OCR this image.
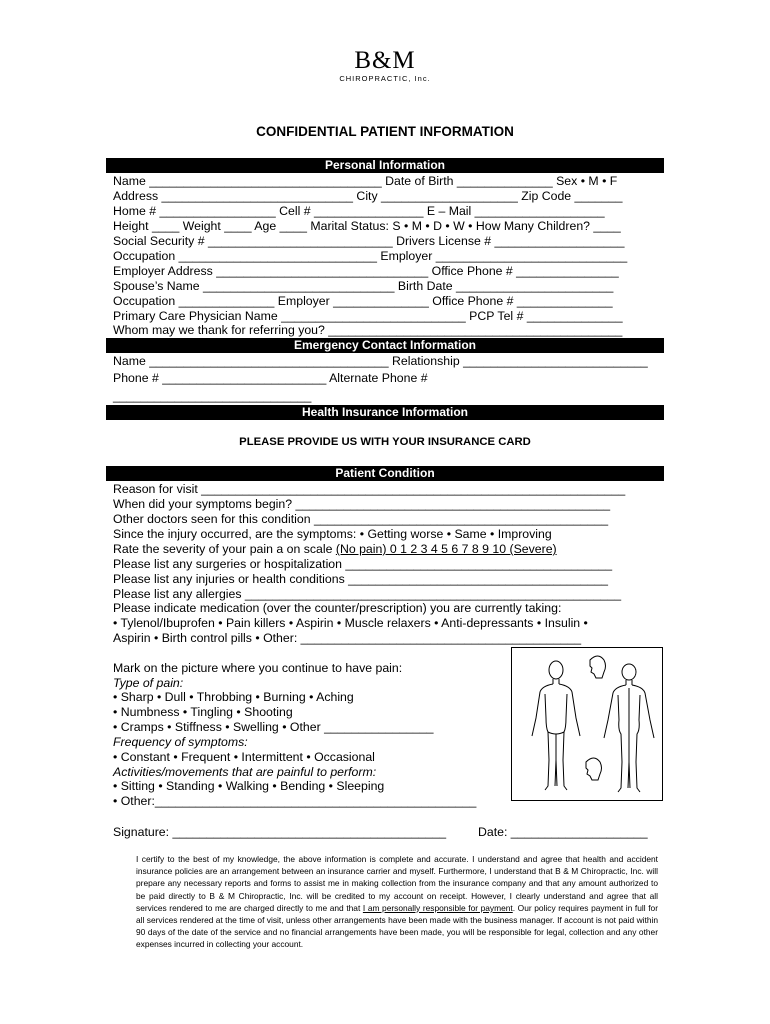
B&M
CHIROPRACTIC, Inc.
CONFIDENTIAL PATIENT INFORMATION
Personal Information
Name __________________________________ Date of Birth ______________ Sex • M • F
Address ____________________________ City ____________________ Zip Code _______
Home # _________________ Cell # ________________ E – Mail ___________________
Height ____ Weight ____ Age ____ Marital Status: S • M • D • W • How Many Children? ____
Social Security # ___________________________ Drivers License # ___________________
Occupation _____________________________ Employer ____________________________
Employer Address _______________________________ Office Phone # _______________
Spouse’s Name ____________________________ Birth Date _______________________
Occupation ______________ Employer ______________ Office Phone # ______________
Primary Care Physician Name ___________________________ PCP Tel # ______________
Whom may we thank for referring you? ___________________________________________
Emergency Contact Information
Name ___________________________________ Relationship ___________________________
Phone # ________________________ Alternate Phone #
_____________________________
Health Insurance Information
PLEASE PROVIDE US WITH YOUR INSURANCE CARD
Patient Condition
Reason for visit ______________________________________________________________
When did your symptoms begin? ______________________________________________
Other doctors seen for this condition ___________________________________________
Since the injury occurred, are the symptoms: • Getting worse • Same • Improving
Rate the severity of your pain a on scale (No pain) 0 1 2 3 4 5 6 7 8 9 10 (Severe)
Please list any surgeries or hospitalization _______________________________________
Please list any injuries or health conditions ______________________________________
Please list any allergies _______________________________________________________
Please indicate medication (over the counter/prescription) you are currently taking:
• Tylenol/Ibuprofen • Pain killers • Aspirin • Muscle relaxers • Anti-depressants • Insulin •
Aspirin • Birth control pills • Other: _________________________________________
Mark on the picture where you continue to have pain:
Type of pain:
• Sharp • Dull • Throbbing • Burning • Aching
• Numbness • Tingling • Shooting
• Cramps • Stiffness • Swelling • Other ________________
Frequency of symptoms:
• Constant • Frequent • Intermittent • Occasional
Activities/movements that are painful to perform:
• Sitting • Standing • Walking • Bending • Sleeping
• Other:_______________________________________________
Signature: ________________________________________	Date: ____________________

I certify to the best of my knowledge, the above information is complete and accurate. I understand and agree that health and accident insurance policies are an arrangement between an insurance carrier and myself. Furthermore, I understand that B & M Chiropractic, Inc. will prepare any necessary reports and forms to assist me in making collection from the insurance company and that any amount authorized to be paid directly to B & M Chiropractic, Inc. will be credited to my account on receipt. However, I clearly understand and agree that all services rendered to me are charged directly to me and that I am personally responsible for payment. Our policy requires payment in full for all services rendered at the time of visit, unless other arrangements have been made with the business manager. If account is not paid within 90 days of the date of the service and no financial arrangements have been made, you will be responsible for legal, collection and any other expenses incurred in collecting your account.
